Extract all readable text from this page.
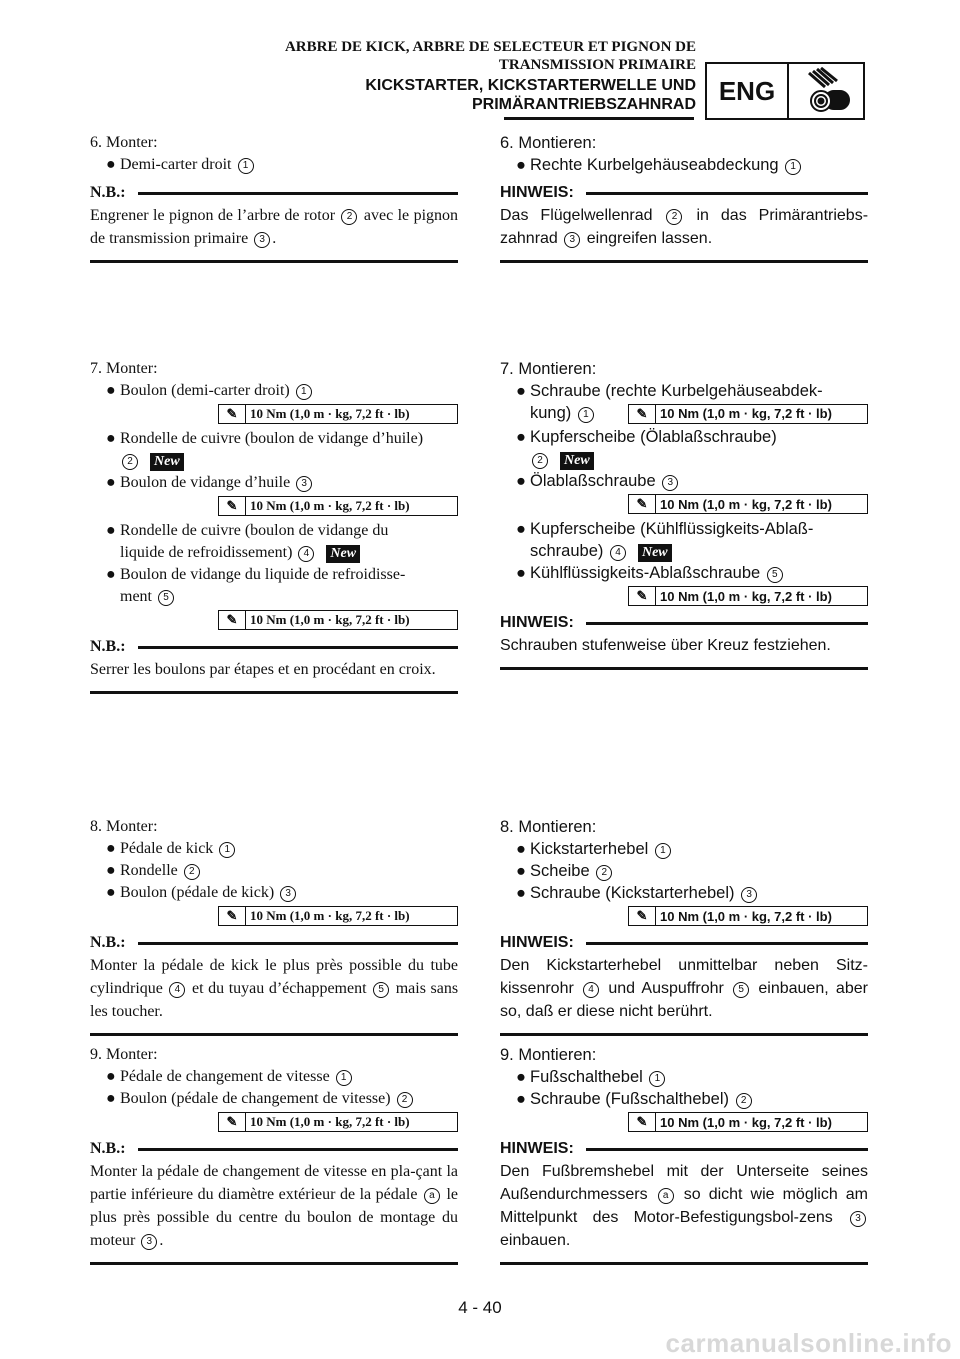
ARBRE DE KICK, ARBRE DE SELECTEUR ET PIGNON DE
TRANSMISSION PRIMAIRE
KICKSTARTER, KICKSTARTERWELLE UND
PRIMÄRANTRIEBSZAHNRAD ENG

6. Monter:

● Demi-carter droit 1

N.B.:
Engrener le pignon de l’arbre de rotor 2 avec le pignon de transmission primaire 3 .

7. Monter:

● Boulon (demi-carter droit) 1

✎ 10 Nm (1,0 m · kg, 7,2 ft · lb)

● Rondelle de cuivre (boulon de vidange d’huile)

2 New

● Boulon de vidange d’huile 3

✎ 10 Nm (1,0 m · kg, 7,2 ft · lb)

● Rondelle de cuivre (boulon de vidange du

liquide de refroidissement) 4 New

● Boulon de vidange du liquide de refroidisse-

ment 5

✎ 10 Nm (1,0 m · kg, 7,2 ft · lb)
N.B.:
Serrer les boulons par étapes et en procédant en croix.

8. Monter:

● Pédale de kick 1

● Rondelle 2

● Boulon (pédale de kick) 3

✎ 10 Nm (1,0 m · kg, 7,2 ft · lb)
N.B.:
Monter la pédale de kick le plus près possible du tube cylindrique 4 et du tuyau d’échappement 5 mais sans les toucher.

9. Monter:

● Pédale de changement de vitesse 1

● Boulon (pédale de changement de vitesse) 2

✎ 10 Nm (1,0 m · kg, 7,2 ft · lb)
N.B.:
Monter la pédale de changement de vitesse en pla-çant la partie inférieure du diamètre extérieur de la pédale a le plus près possible du centre du boulon de montage du moteur 3 .

6. Montieren:

● Rechte Kurbelgehäuseabdeckung 1

HINWEIS:
Das Flügelwellenrad 2 in das Primärantriebs-zahnrad 3 eingreifen lassen.

7. Montieren:

● Schraube (rechte Kurbelgehäuseabdek-

kung) 1	✎ 10 Nm (1,0 m · kg, 7,2 ft · lb)

● Kupferscheibe (Ölablaßschraube)

2 New

● Ölablaßschraube 3

✎ 10 Nm (1,0 m · kg, 7,2 ft · lb)

● Kupferscheibe (Kühlflüssigkeits-Ablaß-

schraube) 4 New

● Kühlflüssigkeits-Ablaßschraube 5

✎ 10 Nm (1,0 m · kg, 7,2 ft · lb)
HINWEIS:
Schrauben stufenweise über Kreuz festziehen.

8. Montieren:

● Kickstarterhebel 1

● Scheibe 2

● Schraube (Kickstarterhebel) 3

✎ 10 Nm (1,0 m · kg, 7,2 ft · lb)
HINWEIS:
Den Kickstarterhebel unmittelbar neben Sitz-kissenrohr 4 und Auspuffrohr 5 einbauen, aber so, daß er diese nicht berührt.

9. Montieren:

● Fußschalthebel 1

● Schraube (Fußschalthebel) 2

✎ 10 Nm (1,0 m · kg, 7,2 ft · lb)
HINWEIS:
Den Fußbremshebel mit der Unterseite seines Außendurchmessers a so dicht wie möglich am Mittelpunkt des Motor-Befestigungsbol-zens 3 einbauen.
4 - 40
carmanualsonline.info
